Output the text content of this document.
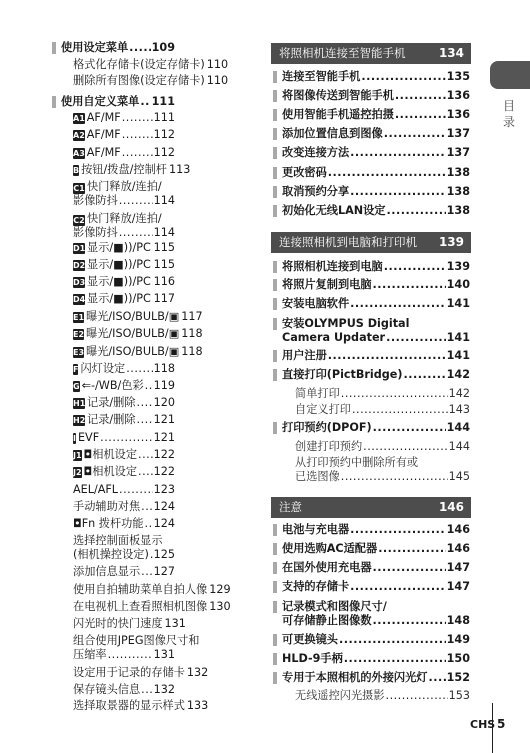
使用设定菜单 ..... 109
格式化存储卡(设定存储卡) 110
删除所有图像(设定存储卡) 110
使用自定义菜单 ..... 111
A1 AF/MF .....	111
A2 AF/MF .....	112
A3 AF/MF .....	112
B 按钮/拨盘/控制杆 113
C1 快门释放/连拍/
影像防抖 .....	114
C2 快门释放/连拍/
影像防抖 .....	114
D1 显示/■))/PC ..... 115
D2 显示/■))/PC ..... 115
D3 显示/■))/PC ..... 116
D4 显示/■))/PC ..... 117
E1 曝光/ISO/BULB/▣ 117
E2 曝光/ISO/BULB/▣ 118
E3 曝光/ISO/BULB/▣ 118
F 闪灯设定 .....	118
G ⇐-/WB/色彩 ..... 119
H1 记录/删除 ..... 120
H2 记录/删除 ..... 121
I EVF .....	121
J1 ◘ 相机设定 ..... 122
J2 ◘ 相机设定 ..... 122
AEL/AFL .....	123
手动辅助对焦 ..... 124
◘ Fn 拨杆功能 ..... 124
选择控制面板显示
(相机操控设定) ..... 125
添加信息显示 ..... 127
使用自拍辅助菜单自拍人像 129
在电视机上查看照相机图像 130
闪光时的快门速度 131
组合使用JPEG图像尺寸和
压缩率 .....	131
设定用于记录的存储卡 132
保存镜头信息 ..... 132
选择取景器的显示样式 133
将照相机连接至智能手机	134
连接至智能手机 .....	135
将图像传送到智能手机 .....	136
使用智能手机遥控拍摄 .....	136
添加位置信息到图像 .....	137
改变连接方法 .....	137
更改密码 .....	138
取消预约分享 .....	138
初始化无线LAN设定 .....	138
连接照相机到电脑和打印机 139
将照相机连接到电脑 .....	139
将照片复制到电脑 .....	140
安装电脑软件 .....	141
安装OLYMPUS Digital
Camera Updater .....	141
用户注册 .....	141
直接打印(PictBridge) .....	142
简单打印 .....	142
自定义打印 .....	143
打印预约(DPOF) .....	144
创建打印预约 .....	144
从打印预约中删除所有或
已选图像 .....	145
注意	146
电池与充电器 .....	146
使用选购AC适配器 .....	146
在国外使用充电器 .....	147
支持的存储卡 .....	147
记录模式和图像尺寸/
可存储静止图像数 .....	148
可更换镜头 .....	149
HLD-9手柄 .....	150
专用于本照相机的外接闪光灯 ..... 152
无线遥控闪光摄影 .....	153
目
录
CHS 5
